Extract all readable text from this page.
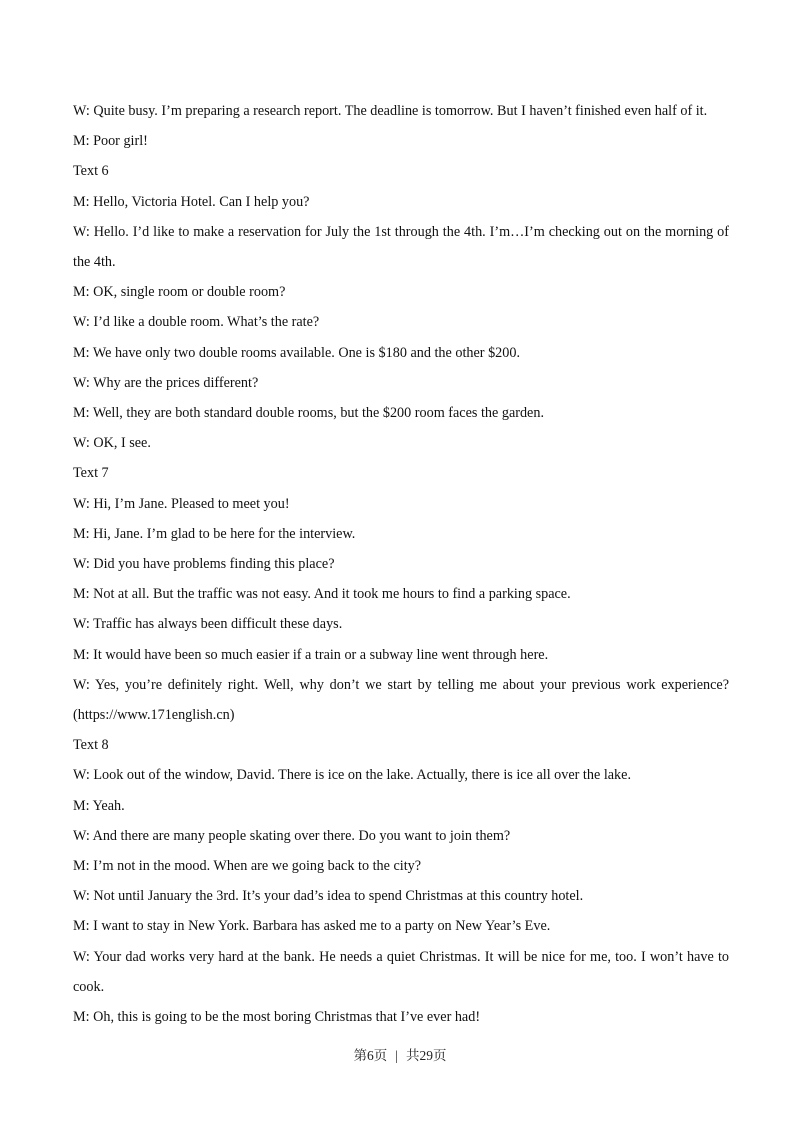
W: Quite busy. I’m preparing a research report. The deadline is tomorrow. But I haven’t finished even half of it.
M: Poor girl!
Text 6
M: Hello, Victoria Hotel. Can I help you?
W: Hello. I’d like to make a reservation for July the 1st through the 4th. I’m…I’m checking out on the morning of the 4th.
M: OK, single room or double room?
W: I’d like a double room. What’s the rate?
M: We have only two double rooms available. One is $180 and the other $200.
W: Why are the prices different?
M: Well, they are both standard double rooms, but the $200 room faces the garden.
W: OK, I see.
Text 7
W: Hi, I’m Jane. Pleased to meet you!
M: Hi, Jane. I’m glad to be here for the interview.
W: Did you have problems finding this place?
M: Not at all. But the traffic was not easy. And it took me hours to find a parking space.
W: Traffic has always been difficult these days.
M: It would have been so much easier if a train or a subway line went through here.
W: Yes, you’re definitely right. Well, why don’t we start by telling me about your previous work experience? (https://www.171english.cn)
Text 8
W: Look out of the window, David. There is ice on the lake. Actually, there is ice all over the lake.
M: Yeah.
W: And there are many people skating over there. Do you want to join them?
M: I’m not in the mood. When are we going back to the city?
W: Not until January the 3rd. It’s your dad’s idea to spend Christmas at this country hotel.
M: I want to stay in New York. Barbara has asked me to a party on New Year’s Eve.
W: Your dad works very hard at the bank. He needs a quiet Christmas. It will be nice for me, too. I won’t have to cook.
M: Oh, this is going to be the most boring Christmas that I’ve ever had!
第6页 | 共29页
